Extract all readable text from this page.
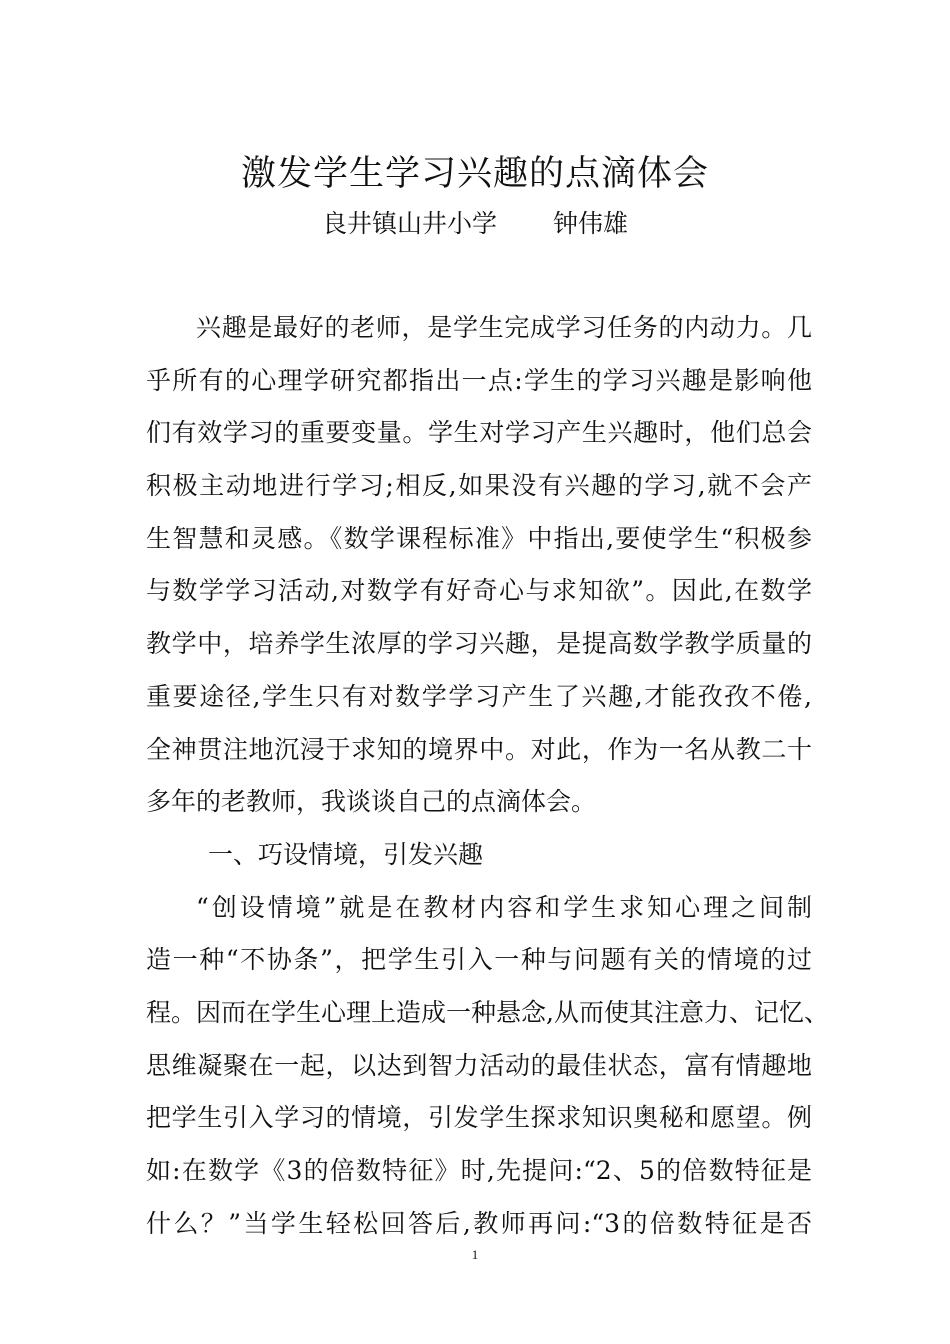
激发学生学习兴趣的点滴体会
良井镇山井小学 钟伟雄
兴趣是最好的老师，是学生完成学习任务的内动力。几
乎所有的心理学研究都指出一点:学生的学习兴趣是影响他
们有效学习的重要变量。学生对学习产生兴趣时，他们总会
积极主动地进行学习;相反,如果没有兴趣的学习,就不会产
生智慧和灵感。《数学课程标准》中指出,要使学生“积极参
与数学学习活动,对数学有好奇心与求知欲”。因此,在数学
教学中，培养学生浓厚的学习兴趣，是提高数学教学质量的
重要途径,学生只有对数学学习产生了兴趣,才能孜孜不倦,
全神贯注地沉浸于求知的境界中。对此，作为一名从教二十
多年的老教师，我谈谈自己的点滴体会。
一、巧设情境，引发兴趣
“创设情境”就是在教材内容和学生求知心理之间制
造一种“不协条”，把学生引入一种与问题有关的情境的过
程。因而在学生心理上造成一种悬念,从而使其注意力、记忆、
思维凝聚在一起，以达到智力活动的最佳状态，富有情趣地
把学生引入学习的情境，引发学生探求知识奥秘和愿望。例
如:在数学《3的倍数特征》时,先提问:“2、5的倍数特征是
什么？”当学生轻松回答后,教师再问:“3的倍数特征是否
1
